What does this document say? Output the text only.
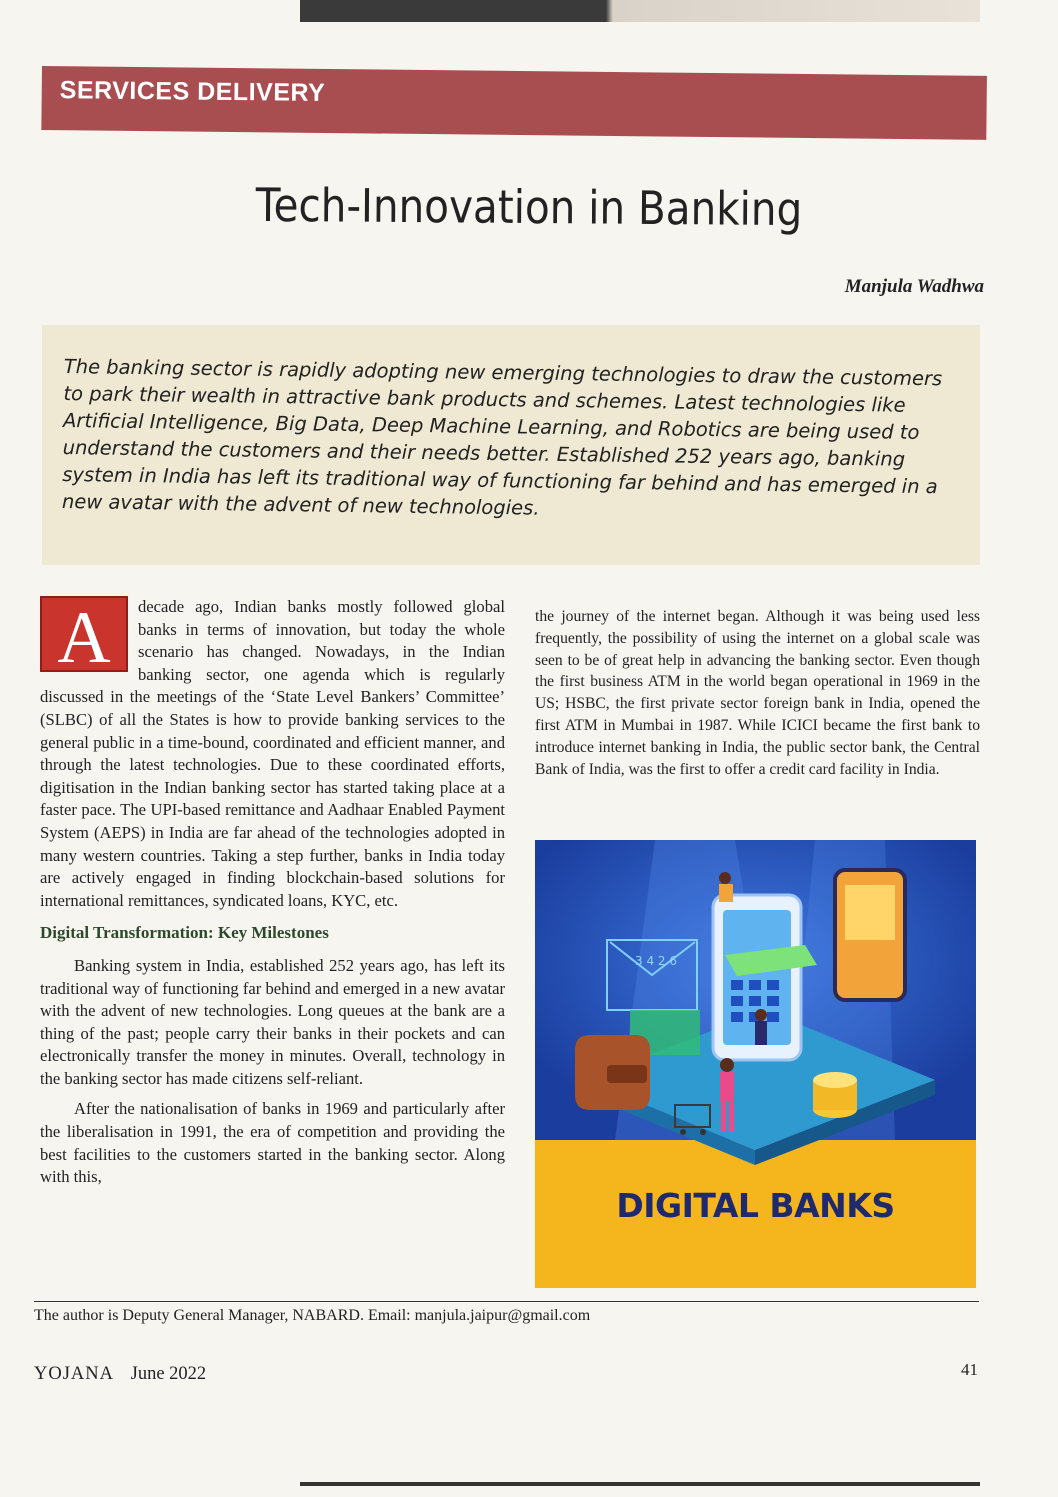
SERVICES DELIVERY
Tech-Innovation in Banking
Manjula Wadhwa

The banking sector is rapidly adopting new emerging technologies to draw the customers to park their wealth in attractive bank products and schemes. Latest technologies like Artificial Intelligence, Big Data, Deep Machine Learning, and Robotics are being used to understand the customers and their needs better. Established 252 years ago, banking system in India has left its traditional way of functioning far behind and has emerged in a new avatar with the advent of new technologies.

A	decade ago, Indian banks mostly followed global banks in terms of innovation, but today the whole scenario has changed. Nowadays, in the Indian banking sector, one agenda which is regularly discussed in the meetings of the ‘State Level Bankers’ Committee’ (SLBC) of all the States is how to provide banking services to the general public in a time-bound, coordinated and efficient manner, and through the latest technologies. Due to these coordinated efforts, digitisation in the Indian banking sector has started taking place at a faster pace. The UPI-based remittance and Aadhaar Enabled Payment System (AEPS) in India are far ahead of the technologies adopted in many western countries. Taking a step further, banks in India today are actively engaged in finding blockchain-based solutions for international remittances, syndicated loans, KYC, etc.

Digital Transformation: Key Milestones

Banking system in India, established 252 years ago, has left its traditional way of functioning far behind and emerged in a new avatar with the advent of new technologies. Long queues at the bank are a thing of the past; people carry their banks in their pockets and can electronically transfer the money in minutes. Overall, technology in the banking sector has made citizens self-reliant.

After the nationalisation of banks in 1969 and particularly after the liberalisation in 1991, the era of competition and providing the best facilities to the customers started in the banking sector. Along with this,

the journey of the internet began. Although it was being used less frequently, the possibility of using the internet on a global scale was seen to be of great help in advancing the banking sector. Even though the first business ATM in the world began operational in 1969 in the US; HSBC, the first private sector foreign bank in India, opened the first ATM in Mumbai in 1987. While ICICI became the first bank to introduce internet banking in India, the public sector bank, the Central Bank of India, was the first to offer a credit card facility in India.

3 4 2 6
DIGITAL BANKS
The author is Deputy General Manager, NABARD. Email: manjula.jaipur@gmail.com
YOJANA June 2022	41
